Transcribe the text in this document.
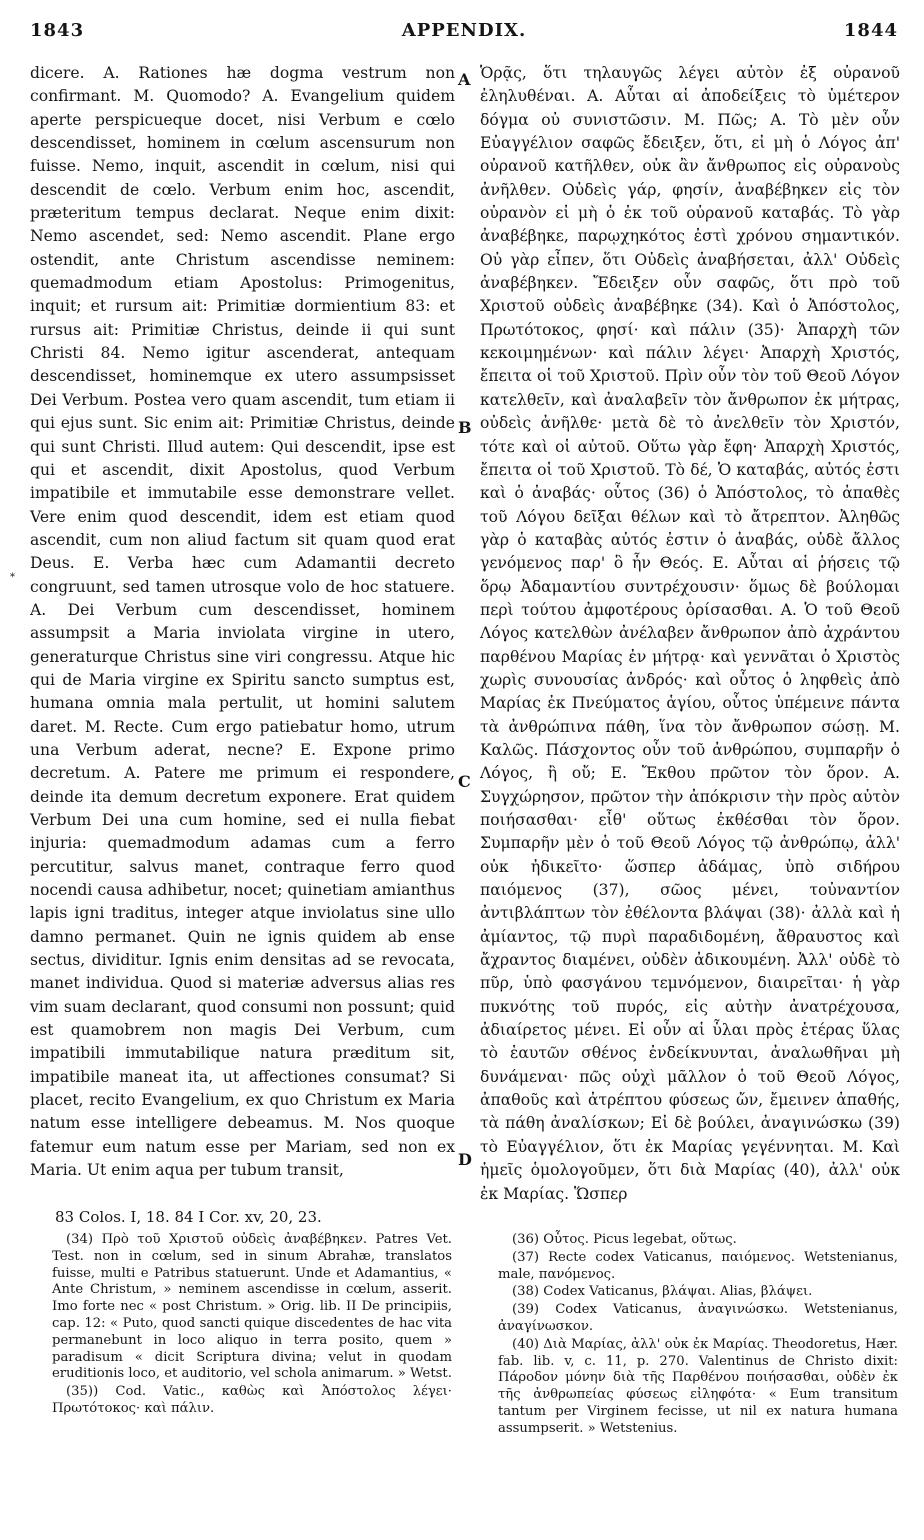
1843	APPENDIX.	1844
*

dicere. A. Rationes hæ dogma vestrum non confirmant. M. Quomodo? A. Evangelium quidem aperte perspicueque docet, nisi Verbum e cœlo descendisset, hominem in cœlum ascensurum non fuisse. Nemo, inquit, ascendit in cœlum, nisi qui descendit de cœlo. Verbum enim hoc, ascendit, præteritum tempus declarat. Neque enim dixit: Nemo ascendet, sed: Nemo ascendit. Plane ergo ostendit, ante Christum ascendisse neminem: quemadmodum etiam Apostolus: Primogenitus, inquit; et rursum ait: Primitiæ dormientium 83: et rursus ait: Primitiæ Christus, deinde ii qui sunt Christi 84. Nemo igitur ascenderat, antequam descendisset, hominemque ex utero assumpsisset Dei Verbum. Postea vero quam ascendit, tum etiam ii qui ejus sunt. Sic enim ait: Primitiæ Christus, deinde qui sunt Christi. Illud autem: Qui descendit, ipse est qui et ascendit, dixit Apostolus, quod Verbum impatibile et immutabile esse demonstrare vellet. Vere enim quod descendit, idem est etiam quod ascendit, cum non aliud factum sit quam quod erat Deus. E. Verba hæc cum Adamantii decreto congruunt, sed tamen utrosque volo de hoc statuere. A. Dei Verbum cum descendisset, hominem assumpsit a Maria inviolata virgine in utero, generaturque Christus sine viri congressu. Atque hic qui de Maria virgine ex Spiritu sancto sumptus est, humana omnia mala pertulit, ut homini salutem daret. M. Recte. Cum ergo patiebatur homo, utrum una Verbum aderat, necne? E. Expone primo decretum. A. Patere me primum ei respondere, deinde ita demum decretum exponere. Erat quidem Verbum Dei una cum homine, sed ei nulla fiebat injuria: quemadmodum adamas cum a ferro percutitur, salvus manet, contraque ferro quod nocendi causa adhibetur, nocet; quinetiam amianthus lapis igni traditus, integer atque inviolatus sine ullo damno permanet. Quin ne ignis quidem ab ense sectus, dividitur. Ignis enim densitas ad se revocata, manet individua. Quod si materiæ adversus alias res vim suam declarant, quod consumi non possunt; quid est quamobrem non magis Dei Verbum, cum impatibili immutabilique natura præditum sit, impatibile maneat ita, ut affectiones consumat? Si placet, recito Evangelium, ex quo Christum ex Maria natum esse intelligere debeamus. M. Nos quoque fatemur eum natum esse per Mariam, sed non ex Maria. Ut enim aqua per tubum transit,

A
B
C
D

Ὁρᾷς, ὅτι τηλαυγῶς λέγει αὐτὸν ἐξ οὐρανοῦ ἐληλυθέναι. Α. Αὗται αἱ ἀποδείξεις τὸ ὑμέτερον δόγμα οὐ συνιστῶσιν. Μ. Πῶς; Α. Τὸ μὲν οὖν Εὐαγγέλιον σαφῶς ἔδειξεν, ὅτι, εἰ μὴ ὁ Λόγος ἀπ' οὐρανοῦ κατῆλθεν, οὐκ ἂν ἄνθρωπος εἰς οὐρανοὺς ἀνῆλθεν. Οὐδεὶς γάρ, φησίν, ἀναβέβηκεν εἰς τὸν οὐρανὸν εἰ μὴ ὁ ἐκ τοῦ οὐρανοῦ καταβάς. Τὸ γὰρ ἀναβέβηκε, παρῳχηκότος ἐστὶ χρόνου σημαντικόν. Οὐ γὰρ εἶπεν, ὅτι Οὐδεὶς ἀναβήσεται, ἀλλ' Οὐδεὶς ἀναβέβηκεν. Ἔδειξεν οὖν σαφῶς, ὅτι πρὸ τοῦ Χριστοῦ οὐδεὶς ἀναβέβηκε (34). Καὶ ὁ Ἀπόστολος, Πρωτότοκος, φησί· καὶ πάλιν (35)· Ἀπαρχὴ τῶν κεκοιμημένων· καὶ πάλιν λέγει· Ἀπαρχὴ Χριστός, ἔπειτα οἱ τοῦ Χριστοῦ. Πρὶν οὖν τὸν τοῦ Θεοῦ Λόγον κατελθεῖν, καὶ ἀναλαβεῖν τὸν ἄνθρωπον ἐκ μήτρας, οὐδεὶς ἀνῆλθε· μετὰ δὲ τὸ ἀνελθεῖν τὸν Χριστόν, τότε καὶ οἱ αὐτοῦ. Οὕτω γὰρ ἔφη· Ἀπαρχὴ Χριστός, ἔπειτα οἱ τοῦ Χριστοῦ. Τὸ δέ, Ὁ καταβάς, αὐτός ἐστι καὶ ὁ ἀναβάς· οὗτος (36) ὁ Ἀπόστολος, τὸ ἀπαθὲς τοῦ Λόγου δεῖξαι θέλων καὶ τὸ ἄτρεπτον. Ἀληθῶς γὰρ ὁ καταβὰς αὐτός ἐστιν ὁ ἀναβάς, οὐδὲ ἄλλος γενόμενος παρ' ὃ ἦν Θεός. Ε. Αὗται αἱ ῥήσεις τῷ ὅρῳ Ἀδαμαντίου συντρέχουσιν· ὅμως δὲ βούλομαι περὶ τούτου ἀμφοτέρους ὁρίσασθαι. Α. Ὁ τοῦ Θεοῦ Λόγος κατελθὼν ἀνέλαβεν ἄνθρωπον ἀπὸ ἀχράντου παρθένου Μαρίας ἐν μήτρᾳ· καὶ γεννᾶται ὁ Χριστὸς χωρὶς συνουσίας ἀνδρός· καὶ οὗτος ὁ ληφθεὶς ἀπὸ Μαρίας ἐκ Πνεύματος ἁγίου, οὗτος ὑπέμεινε πάντα τὰ ἀνθρώπινα πάθη, ἵνα τὸν ἄνθρωπον σώσῃ. Μ. Καλῶς. Πάσχοντος οὖν τοῦ ἀνθρώπου, συμπαρῆν ὁ Λόγος, ἢ οὔ; Ε. Ἔκθου πρῶτον τὸν ὅρον. Α. Συγχώρησον, πρῶτον τὴν ἀπόκρισιν τὴν πρὸς αὐτὸν ποιήσασθαι· εἶθ' οὕτως ἐκθέσθαι τὸν ὅρον. Συμπαρῆν μὲν ὁ τοῦ Θεοῦ Λόγος τῷ ἀνθρώπῳ, ἀλλ' οὐκ ἠδικεῖτο· ὥσπερ ἀδάμας, ὑπὸ σιδήρου παιόμενος (37), σῶος μένει, τοὐναντίον ἀντιβλάπτων τὸν ἐθέλοντα βλάψαι (38)· ἀλλὰ καὶ ἡ ἀμίαντος, τῷ πυρὶ παραδιδομένη, ἄθραυστος καὶ ἄχραντος διαμένει, οὐδὲν ἀδικουμένη. Ἀλλ' οὐδὲ τὸ πῦρ, ὑπὸ φασγάνου τεμνόμενον, διαιρεῖται· ἡ γὰρ πυκνότης τοῦ πυρός, εἰς αὐτὴν ἀνατρέχουσα, ἀδιαίρετος μένει. Εἰ οὖν αἱ ὗλαι πρὸς ἑτέρας ὕλας τὸ ἑαυτῶν σθένος ἐνδείκνυνται, ἀναλωθῆναι μὴ δυνάμεναι· πῶς οὐχὶ μᾶλλον ὁ τοῦ Θεοῦ Λόγος, ἀπαθοῦς καὶ ἀτρέπτου φύσεως ὤν, ἔμεινεν ἀπαθής, τὰ πάθη ἀναλίσκων; Εἰ δὲ βούλει, ἀναγινώσκω (39) τὸ Εὐαγγέλιον, ὅτι ἐκ Μαρίας γεγέννηται. Μ. Καὶ ἡμεῖς ὁμολογοῦμεν, ὅτι διὰ Μαρίας (40), ἀλλ' οὐκ ἐκ Μαρίας. Ὥσπερ

83 Colos. I, 18. 84 I Cor. xv, 20, 23.

(34) Πρὸ τοῦ Χριστοῦ οὐδεὶς ἀναβέβηκεν. Patres Vet. Test. non in cœlum, sed in sinum Abrahæ, translatos fuisse, multi e Patribus statuerunt. Unde et Adamantius, « Ante Christum, » neminem ascendisse in cœlum, asserit. Imo forte nec « post Christum. » Orig. lib. II De principiis, cap. 12: « Puto, quod sancti quique discedentes de hac vita permanebunt in loco aliquo in terra posito, quem » paradisum « dicit Scriptura divina; velut in quodam eruditionis loco, et auditorio, vel schola animarum. » Wetst.

(35)) Cod. Vatic., καθὼς καὶ Ἀπόστολος λέγει· Πρωτότοκος· καὶ πάλιν.

(36) Οὗτος. Picus legebat, οὕτως.

(37) Recte codex Vaticanus, παιόμενος. Wetstenianus, male, πανόμενος.

(38) Codex Vaticanus, βλάψαι. Alias, βλάψει.

(39) Codex Vaticanus, ἀναγινώσκω. Wetstenianus, ἀναγίνωσκον.

(40) Διὰ Μαρίας, ἀλλ' οὐκ ἐκ Μαρίας. Theodoretus, Hær. fab. lib. v, c. 11, p. 270. Valentinus de Christo dixit: Πάροδον μόνην διὰ τῆς Παρθένου ποιήσασθαι, οὐδὲν ἐκ τῆς ἀνθρωπείας φύσεως εἰληφότα· « Eum transitum tantum per Virginem fecisse, ut nil ex natura humana assumpserit. » Wetstenius.
